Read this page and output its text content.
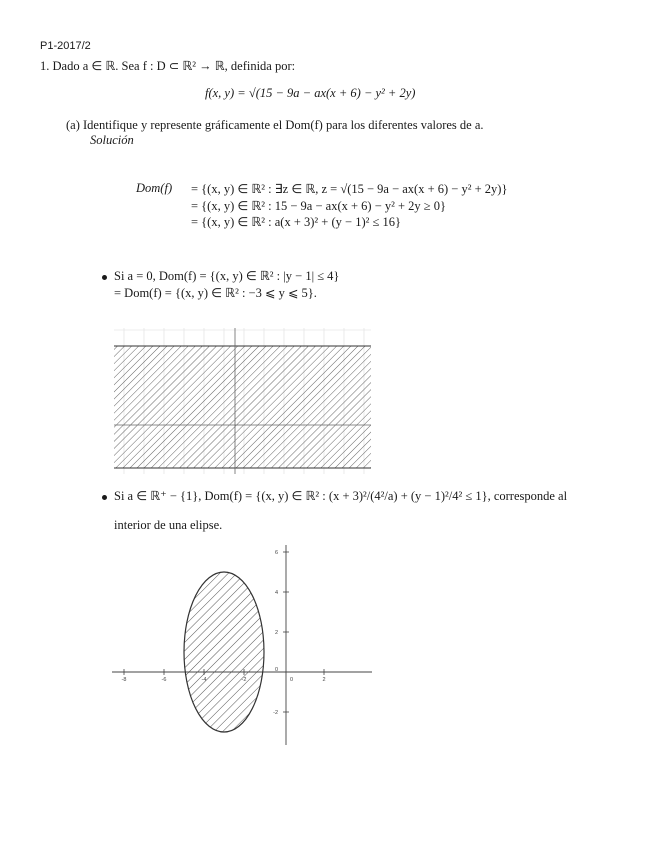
P1-2017/2
1. Dado a ∈ ℝ. Sea f : D ⊂ ℝ² → ℝ, definida por:
f(x, y) = √(15 − 9a − ax(x + 6) − y² + 2y)
(a) Identifique y represente gráficamente el Dom(f) para los diferentes valores de a.
Solución
Dom(f) = {(x, y) ∈ ℝ² : ∃z ∈ ℝ, z = √(15 − 9a − ax(x + 6) − y² + 2y)}
= {(x, y) ∈ ℝ² : 15 − 9a − ax(x + 6) − y² + 2y ≥ 0}
= {(x, y) ∈ ℝ² : a(x + 3)² + (y − 1)² ≤ 16}
Si a = 0, Dom(f) = {(x, y) ∈ ℝ² : |y − 1| ≤ 4}
= Dom(f) = {(x, y) ∈ ℝ² : −3 ⩽ y ⩽ 5}.
Si a ∈ ℝ⁺ − {1}, Dom(f) = {(x, y) ∈ ℝ² : (x + 3)²/(4²/a) + (y − 1)²/4² ≤ 1}, corresponde al
interior de una elipse.
-8	-6	-4	-2	0	2
6
4
2
0
-2
